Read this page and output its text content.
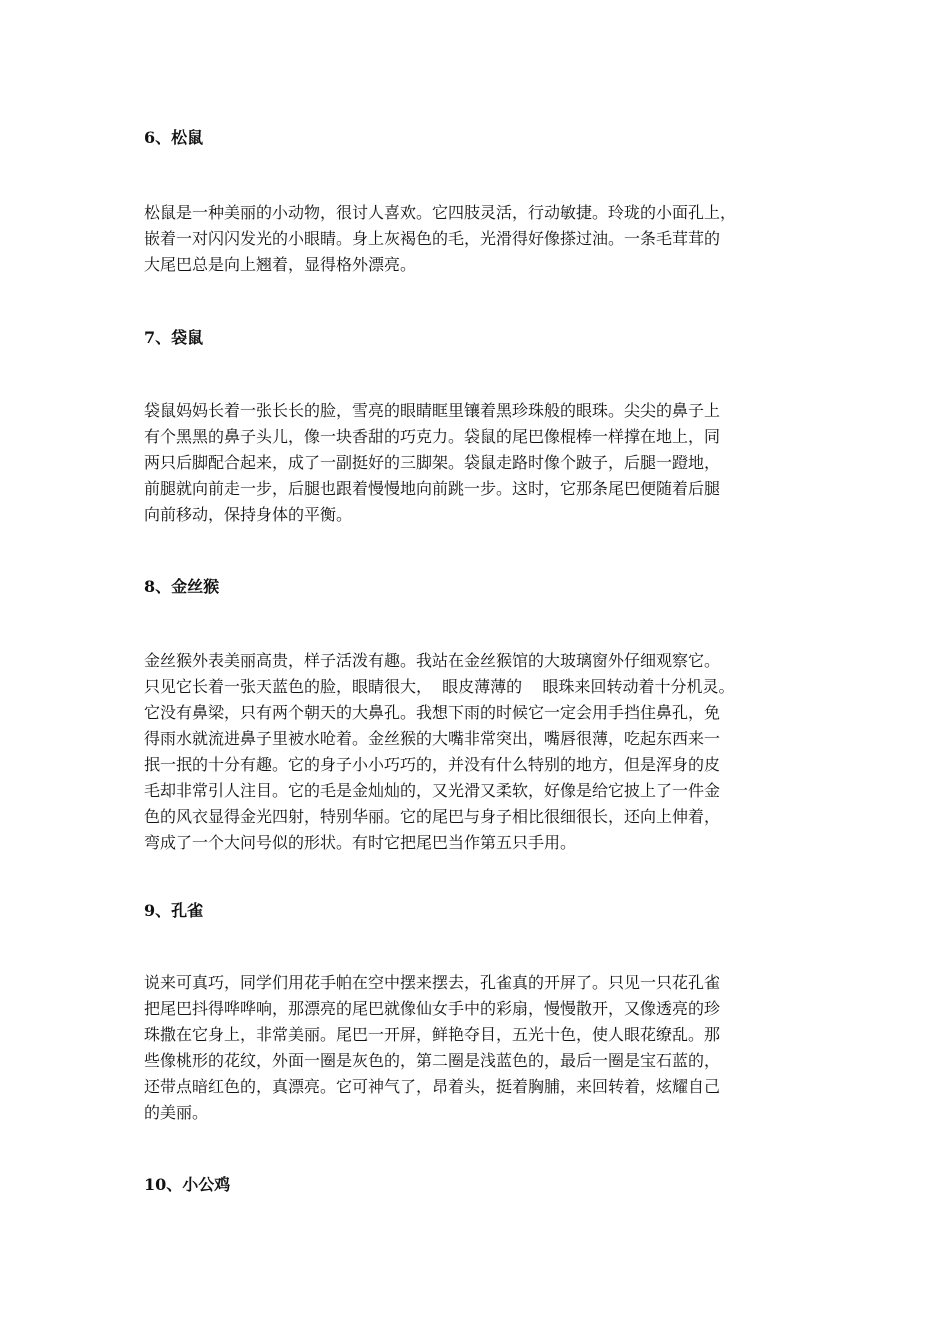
6、松鼠
松鼠是一种美丽的小动物，很讨人喜欢。它四肢灵活，行动敏捷。玲珑的小面孔上，
嵌着一对闪闪发光的小眼睛。身上灰褐色的毛，光滑得好像搽过油。一条毛茸茸的
大尾巴总是向上翘着，显得格外漂亮。
7、袋鼠
袋鼠妈妈长着一张长长的脸，雪亮的眼睛眶里镶着黑珍珠般的眼珠。尖尖的鼻子上
有个黑黑的鼻子头儿，像一块香甜的巧克力。袋鼠的尾巴像棍棒一样撑在地上，同
两只后脚配合起来，成了一副挺好的三脚架。袋鼠走路时像个跛子，后腿一蹬地，
前腿就向前走一步，后腿也跟着慢慢地向前跳一步。这时，它那条尾巴便随着后腿
向前移动，保持身体的平衡。
8、金丝猴
金丝猴外表美丽高贵，样子活泼有趣。我站在金丝猴馆的大玻璃窗外仔细观察它。
只见它长着一张天蓝色的脸，眼睛很大，  眼皮薄薄的    眼珠来回转动着十分机灵。
它没有鼻梁，只有两个朝天的大鼻孔。我想下雨的时候它一定会用手挡住鼻孔，免
得雨水就流进鼻子里被水呛着。金丝猴的大嘴非常突出，嘴唇很薄，吃起东西来一
抿一抿的十分有趣。它的身子小小巧巧的，并没有什么特别的地方，但是浑身的皮
毛却非常引人注目。它的毛是金灿灿的，又光滑又柔软，好像是给它披上了一件金
色的风衣显得金光四射，特别华丽。它的尾巴与身子相比很细很长，还向上伸着，
弯成了一个大问号似的形状。有时它把尾巴当作第五只手用。
9、孔雀
说来可真巧，同学们用花手帕在空中摆来摆去，孔雀真的开屏了。只见一只花孔雀
把尾巴抖得哗哗响，那漂亮的尾巴就像仙女手中的彩扇，慢慢散开，又像透亮的珍
珠撒在它身上，非常美丽。尾巴一开屏，鲜艳夺目，五光十色，使人眼花缭乱。那
些像桃形的花纹，外面一圈是灰色的，第二圈是浅蓝色的，最后一圈是宝石蓝的，
还带点暗红色的，真漂亮。它可神气了，昂着头，挺着胸脯，来回转着，炫耀自己
的美丽。
10、小公鸡
